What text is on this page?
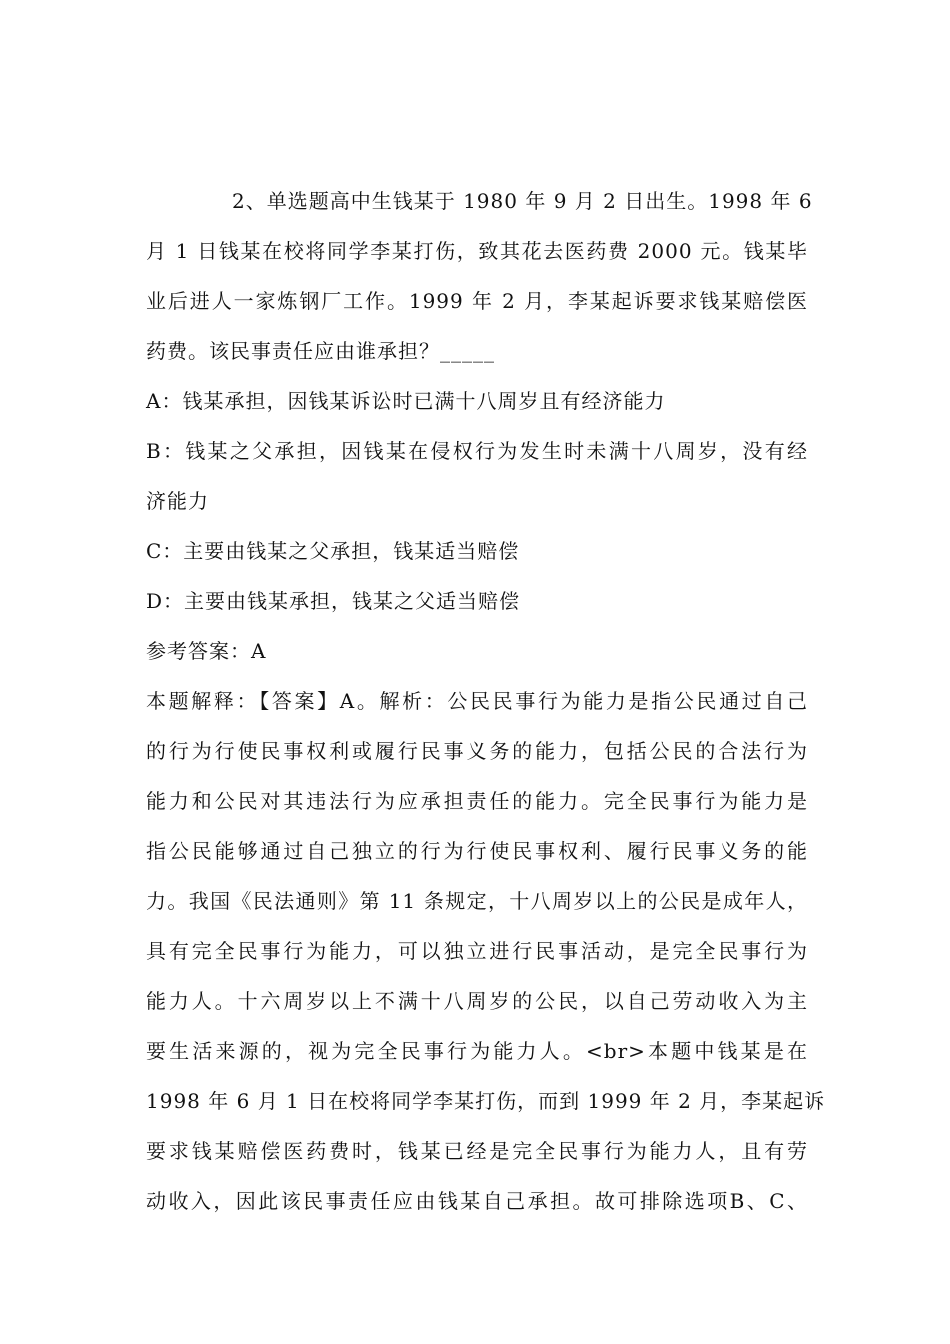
2、单选题高中生钱某于 1980 年 9 月 2 日出生。1998 年 6
月 1 日钱某在校将同学李某打伤，致其花去医药费 2000 元。钱某毕
业后进人一家炼钢厂工作。1999 年 2 月，李某起诉要求钱某赔偿医
药费。该民事责任应由谁承担？_____
A：钱某承担，因钱某诉讼时已满十八周岁且有经济能力
B：钱某之父承担，因钱某在侵权行为发生时未满十八周岁，没有经
济能力
C：主要由钱某之父承担，钱某适当赔偿
D：主要由钱某承担，钱某之父适当赔偿
参考答案：A
本题解释：【答案】A。解析：公民民事行为能力是指公民通过自己
的行为行使民事权利或履行民事义务的能力，包括公民的合法行为
能力和公民对其违法行为应承担责任的能力。完全民事行为能力是
指公民能够通过自己独立的行为行使民事权利、履行民事义务的能
力。我国《民法通则》第 11 条规定，十八周岁以上的公民是成年人，
具有完全民事行为能力，可以独立进行民事活动，是完全民事行为
能力人。十六周岁以上不满十八周岁的公民，以自己劳动收入为主
要生活来源的，视为完全民事行为能力人。<br>本题中钱某是在
1998 年 6 月 1 日在校将同学李某打伤，而到 1999 年 2 月，李某起诉
要求钱某赔偿医药费时，钱某已经是完全民事行为能力人，且有劳
动收入，因此该民事责任应由钱某自己承担。故可排除选项B、C、
